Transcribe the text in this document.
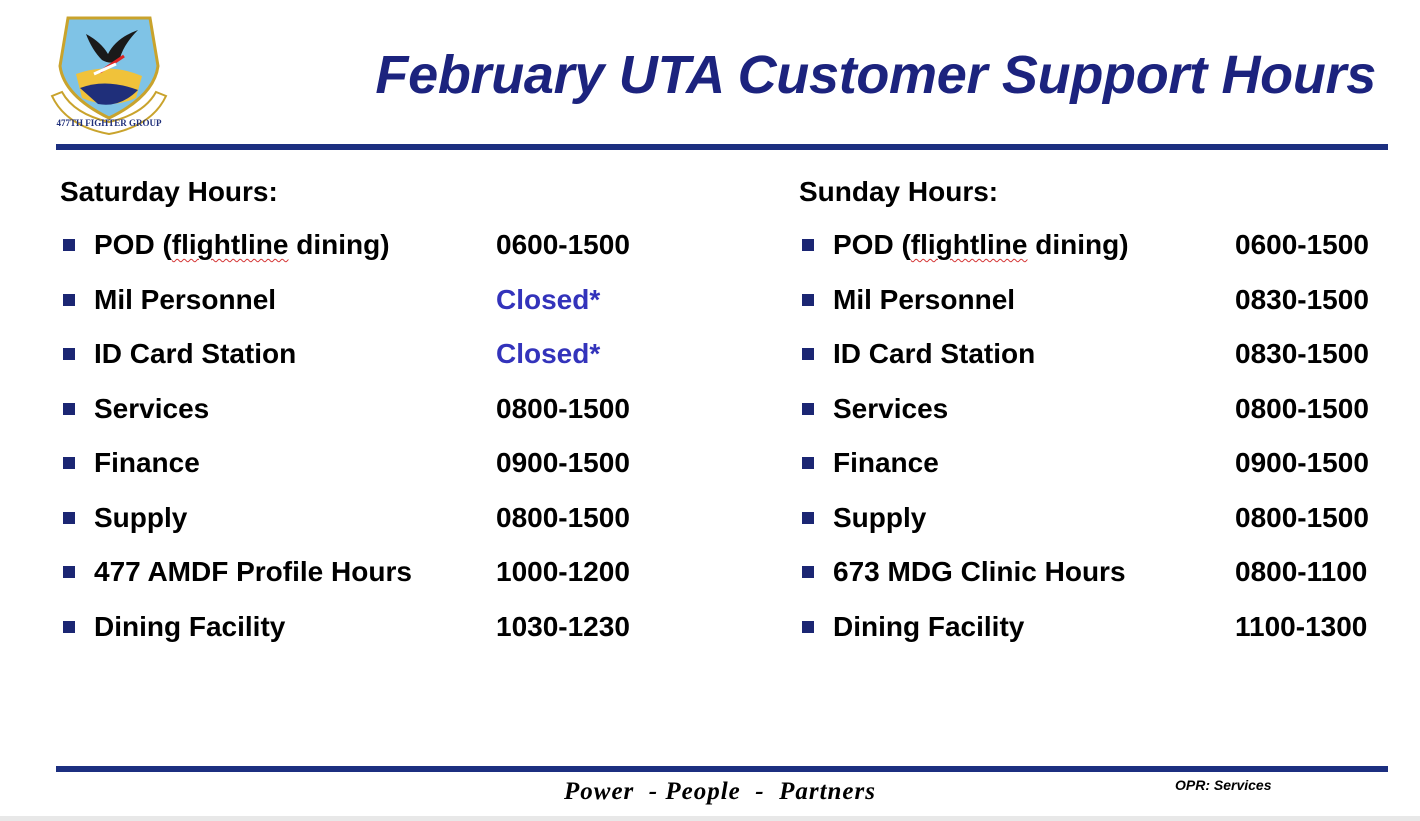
477TH FIGHTER GROUP
February UTA Customer Support Hours
Saturday Hours:
POD (flightline dining)	0600-1500
Mil Personnel	Closed*
ID Card Station	Closed*
Services	0800-1500
Finance	0900-1500
Supply	0800-1500
477 AMDF Profile Hours	1000-1200
Dining Facility	1030-1230
Sunday Hours:
POD (flightline dining)	0600-1500
Mil Personnel	0830-1500
ID Card Station	0830-1500
Services	0800-1500
Finance	0900-1500
Supply	0800-1500
673 MDG Clinic Hours	0800-1100
Dining Facility	1100-1300
Power  - People  -  Partners	OPR: Services
